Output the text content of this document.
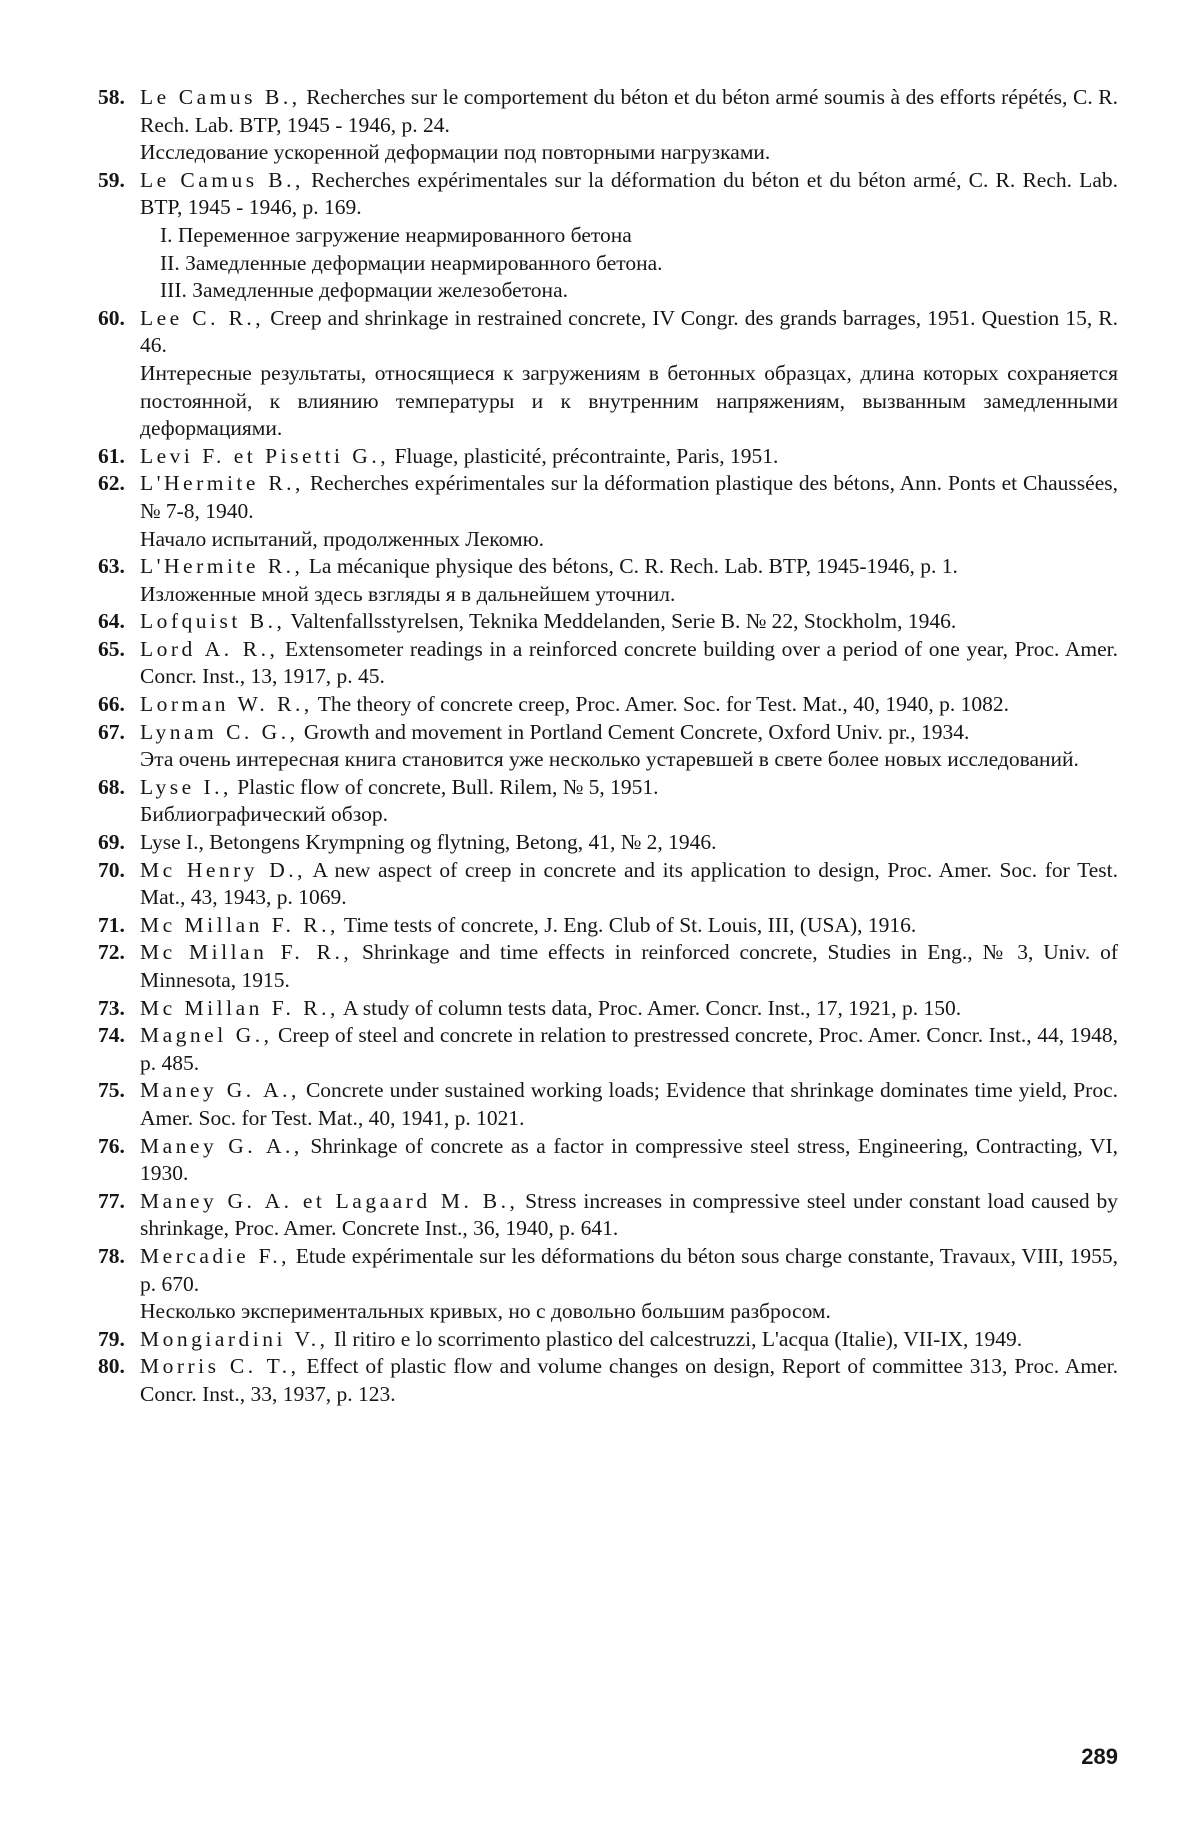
58. Le Camus B., Recherches sur le comportement du béton et du béton armé soumis à des efforts répétés, C. R. Rech. Lab. BTP, 1945 - 1946, p. 24.
Исследование ускоренной деформации под повторными нагрузками.
59. Le Camus B., Recherches expérimentales sur la déformation du béton et du béton armé, C. R. Rech. Lab. BTP, 1945 - 1946, p. 169.
I. Переменное загружение неармированного бетона
II. Замедленные деформации неармированного бетона.
III. Замедленные деформации железобетона.
60. Lee C. R., Creep and shrinkage in restrained concrete, IV Congr. des grands barrages, 1951. Question 15, R. 46.
Интересные результаты, относящиеся к загружениям в бетонных образцах, длина которых сохраняется постоянной, к влиянию температуры и к внутренним напряжениям, вызванным замедленными деформациями.
61. Levi F. et Pisetti G., Fluage, plasticité, précontrainte, Paris, 1951.
62. L'Hermite R., Recherches expérimentales sur la déformation plastique des bétons, Ann. Ponts et Chaussées, № 7-8, 1940.
Начало испытаний, продолженных Лекомю.
63. L'Hermite R., La mécanique physique des bétons, C. R. Rech. Lab. BTP, 1945-1946, p. 1.
Изложенные мной здесь взгляды я в дальнейшем уточнил.
64. Lofquist B., Valtenfallsstyrelsen, Teknika Meddelanden, Serie B. № 22, Stockholm, 1946.
65. Lord A. R., Extensometer readings in a reinforced concrete building over a period of one year, Proc. Amer. Concr. Inst., 13, 1917, p. 45.
66. Lorman W. R., The theory of concrete creep, Proc. Amer. Soc. for Test. Mat., 40, 1940, p. 1082.
67. Lynam C. G., Growth and movement in Portland Cement Concrete, Oxford Univ. pr., 1934.
Эта очень интересная книга становится уже несколько устаревшей в свете более новых исследований.
68. Lyse I., Plastic flow of concrete, Bull. Rilem, № 5, 1951.
Библиографический обзор.
69. Lyse I., Betongens Krympning og flytning, Betong, 41, № 2, 1946.
70. Mc Henry D., A new aspect of creep in concrete and its application to design, Proc. Amer. Soc. for Test. Mat., 43, 1943, p. 1069.
71. Mc Millan F. R., Time tests of concrete, J. Eng. Club of St. Louis, III, (USA), 1916.
72. Mc Millan F. R., Shrinkage and time effects in reinforced concrete, Studies in Eng., № 3, Univ. of Minnesota, 1915.
73. Mc Millan F. R., A study of column tests data, Proc. Amer. Concr. Inst., 17, 1921, p. 150.
74. Magnel G., Creep of steel and concrete in relation to prestressed concrete, Proc. Amer. Concr. Inst., 44, 1948, p. 485.
75. Maney G. A., Concrete under sustained working loads; Evidence that shrinkage dominates time yield, Proc. Amer. Soc. for Test. Mat., 40, 1941, p. 1021.
76. Maney G. A., Shrinkage of concrete as a factor in compressive steel stress, Engineering, Contracting, VI, 1930.
77. Maney G. A. et Lagaard M. B., Stress increases in compressive steel under constant load caused by shrinkage, Proc. Amer. Concrete Inst., 36, 1940, p. 641.
78. Mercadie F., Etude expérimentale sur les déformations du béton sous charge constante, Travaux, VIII, 1955, p. 670.
Несколько экспериментальных кривых, но с довольно большим разбросом.
79. Mongiardini V., Il ritiro e lo scorrimento plastico del calcestruzzi, L'acqua (Italie), VII-IX, 1949.
80. Morris C. T., Effect of plastic flow and volume changes on design, Report of committee 313, Proc. Amer. Concr. Inst., 33, 1937, p. 123.
289
